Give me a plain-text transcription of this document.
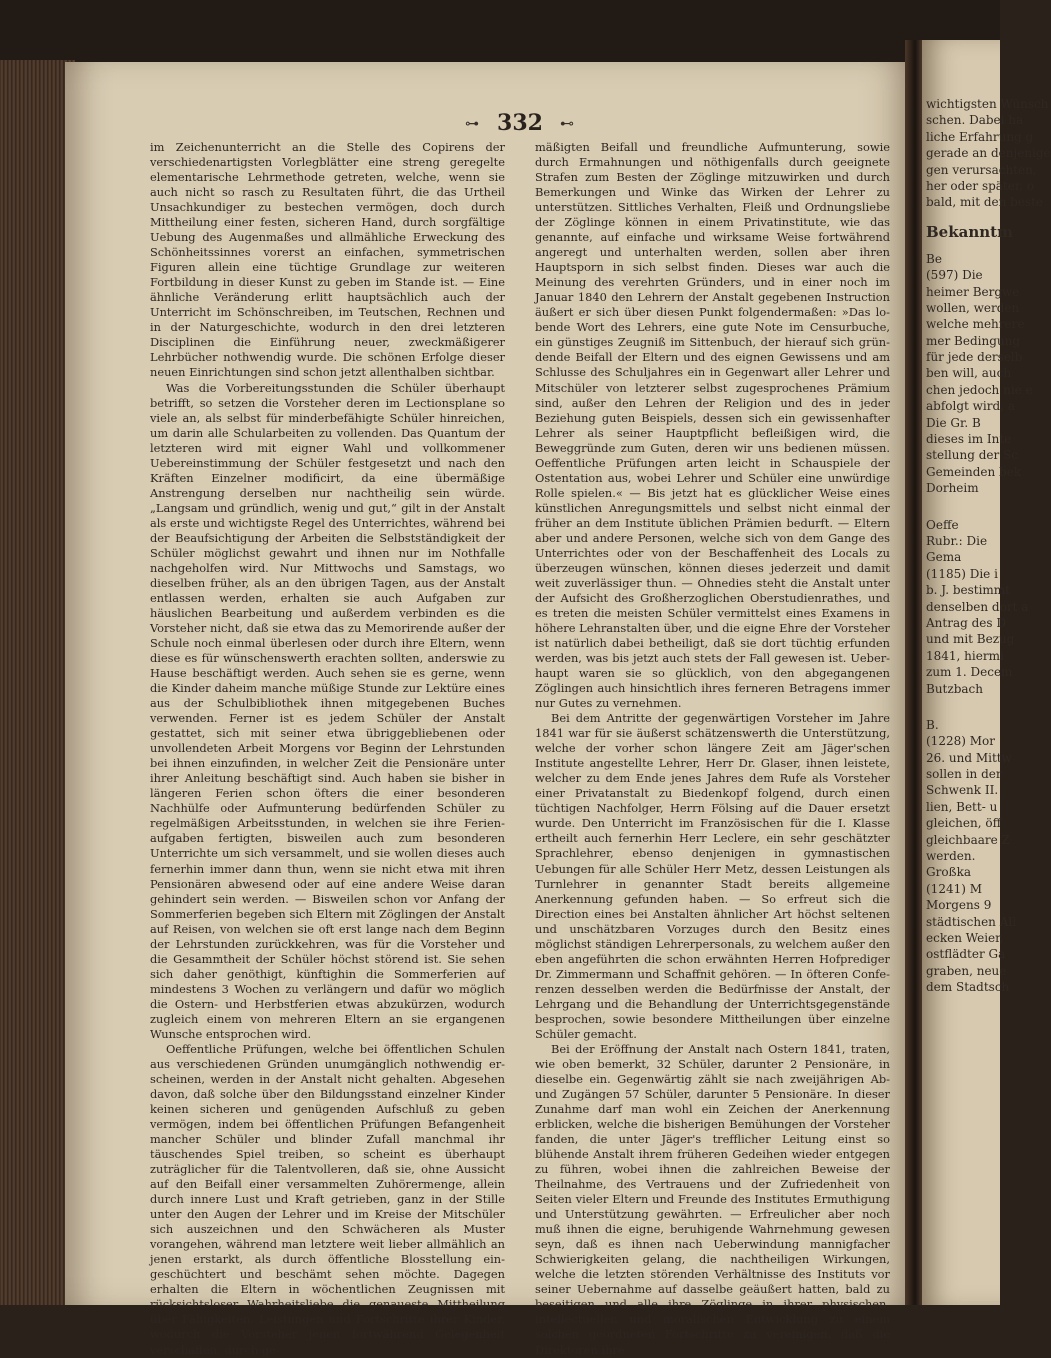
⊶ 332 ⊷

im Zeichenunterricht an die Stelle des Copirens der verschiedenartigsten Vorlegblätter eine streng geregelte elementarische Lehrmethode getreten, welche, wenn sie auch nicht so rasch zu Resultaten führt, die das Urtheil Unsachkundiger zu bestechen vermögen, doch durch Mittheilung einer festen, sicheren Hand, durch sorgfältige Uebung des Augenmaßes und allmähliche Erweckung des Schönheitssinnes vorerst an einfachen, symmetrischen Figuren allein eine tüchtige Grundlage zur weiteren Fortbildung in dieser Kunst zu geben im Stande ist. — Eine ähnliche Veränderung erlitt hauptsächlich auch der Unterricht im Schönschreiben, im Teutschen, Rechnen und in der Naturgeschichte, wodurch in den drei letzteren Disciplinen die Einführung neuer, zweckmäßigerer Lehrbücher nothwendig wurde. Die schönen Erfolge dieser neuen Einrichtungen sind schon jetzt allenthalben sichtbar.

Was die Vorbereitungsstunden die Schüler überhaupt betrifft, so setzen die Vorsteher deren im Lectionsplane so viele an, als selbst für minderbefähigte Schüler hinreichen, um darin alle Schularbeiten zu vollenden. Das Quantum der letzteren wird mit eigner Wahl und vollkommener Uebereinstimmung der Schüler festgesetzt und nach den Kräften Einzelner modificirt, da eine übermäßige Anstrengung derselben nur nachtheilig sein würde. „Langsam und gründlich, wenig und gut,“ gilt in der Anstalt als erste und wichtigste Regel des Unterrichtes, während bei der Beaufsichtigung der Arbeiten die Selbstständigkeit der Schüler möglichst gewahrt und ihnen nur im Nothfalle nachgeholfen wird. Nur Mittwochs und Samstags, wo dieselben früher, als an den übrigen Tagen, aus der Anstalt entlassen werden, erhalten sie auch Aufgaben zur häuslichen Bearbeitung und außerdem verbinden es die Vorsteher nicht, daß sie etwa das zu Memorirende außer der Schule noch einmal überlesen oder durch ihre Eltern, wenn diese es für wünschenswerth erachten sollten, anderswie zu Hause beschäftigt werden. Auch sehen sie es gerne, wenn die Kinder daheim manche müßige Stunde zur Lektüre eines aus der Schulbibliothek ihnen mitgegebenen Buches verwenden. Ferner ist es jedem Schüler der Anstalt gestattet, sich mit seiner etwa übriggebliebenen oder unvollendeten Arbeit Morgens vor Beginn der Lehrstunden bei ihnen einzufinden, in welcher Zeit die Pensionäre unter ihrer Anleitung beschäftigt sind. Auch haben sie bisher in längeren Ferien schon öfters die einer besonderen Nachhülfe oder Aufmunterung bedürfenden Schüler zu regelmäßigen Arbeitsstunden, in welchen sie ihre Ferienaufgaben fertigten, bisweilen auch zum besonderen Unterrichte um sich versammelt, und sie wollen dieses auch fernerhin immer dann thun, wenn sie nicht etwa mit ihren Pensionären abwesend oder auf eine andere Weise daran gehindert sein werden. — Bisweilen schon vor Anfang der Sommerferien begeben sich Eltern mit Zöglingen der Anstalt auf Reisen, von welchen sie oft erst lange nach dem Beginn der Lehrstunden zurückkehren, was für die Vorsteher und die Gesammtheit der Schüler höchst störend ist. Sie sehen sich daher genöthigt, künftighin die Sommerferien auf mindestens 3 Wochen zu verlängern und dafür wo möglich die Ostern- und Herbstferien etwas abzukürzen, wodurch zugleich einem von mehreren Eltern an sie ergangenen Wunsche entsprochen wird.

Oeffentliche Prüfungen, welche bei öffentlichen Schulen aus verschiedenen Gründen unumgänglich nothwendig erscheinen, werden in der Anstalt nicht gehalten. Abgesehen davon, daß solche über den Bildungsstand einzelner Kinder keinen sicheren und genügenden Aufschluß zu geben vermögen, indem bei öffentlichen Prüfungen Befangenheit mancher Schüler und blinder Zufall manchmal ihr täuschendes Spiel treiben, so scheint es überhaupt zuträglicher für die Talentvolleren, daß sie, ohne Aussicht auf den Beifall einer versammelten Zuhörermenge, allein durch innere Lust und Kraft getrieben, ganz in der Stille unter den Augen der Lehrer und im Kreise der Mitschüler sich auszeichnen und den Schwächeren als Muster vorangehen, während man letztere weit lieber allmählich an jenen erstarkt, als durch öffentliche Blosstellung eingeschüchtert und beschämt sehen möchte. Dagegen erhalten die Eltern in wöchentlichen Zeugnissen mit rücksichtsloser Wahrheitsliebe die genaueste Mittheilung über Fähigkeiten, Leistungen und Fortschritte ihrer Kinder, wodurch die Vorsteher jenen fortwährend Gelegenheit verschaffen, durch ge-

mäßigten Beifall und freundliche Aufmunterung, sowie durch Ermahnungen und nöthigenfalls durch geeignete Strafen zum Besten der Zöglinge mitzuwirken und durch Bemerkungen und Winke das Wirken der Lehrer zu unterstützen. Sittliches Verhalten, Fleiß und Ordnungsliebe der Zöglinge können in einem Privatinstitute, wie das genannte, auf einfache und wirksame Weise fortwährend angeregt und unterhalten werden, sollen aber ihren Hauptsporn in sich selbst finden. Dieses war auch die Meinung des verehrten Gründers, und in einer noch im Januar 1840 den Lehrern der Anstalt gegebenen Instruction äußert er sich über diesen Punkt folgendermaßen: »Das lobende Wort des Lehrers, eine gute Note im Censurbuche, ein günstiges Zeugniß im Sittenbuch, der hierauf sich gründende Beifall der Eltern und des eignen Gewissens und am Schlusse des Schuljahres ein in Gegenwart aller Lehrer und Mitschüler von letzterer selbst zugesprochenes Prämium sind, außer den Lehren der Religion und des in jeder Beziehung guten Beispiels, dessen sich ein gewissenhafter Lehrer als seiner Hauptpflicht befleißigen wird, die Beweggründe zum Guten, deren wir uns bedienen müssen. Oeffentliche Prüfungen arten leicht in Schauspiele der Ostentation aus, wobei Lehrer und Schüler eine unwürdige Rolle spielen.« — Bis jetzt hat es glücklicher Weise eines künstlichen Anregungsmittels und selbst nicht einmal der früher an dem Institute üblichen Prämien bedurft. — Eltern aber und andere Personen, welche sich von dem Gange des Unterrichtes oder von der Beschaffenheit des Locals zu überzeugen wünschen, können dieses jederzeit und damit weit zuverlässiger thun. — Ohnedies steht die Anstalt unter der Aufsicht des Großherzoglichen Oberstudienrathes, und es treten die meisten Schüler vermittelst eines Examens in höhere Lehranstalten über, und die eigne Ehre der Vorsteher ist natürlich dabei betheiligt, daß sie dort tüchtig erfunden werden, was bis jetzt auch stets der Fall gewesen ist. Ueberhaupt waren sie so glücklich, von den abgegangenen Zöglingen auch hinsichtlich ihres ferneren Betragens immer nur Gutes zu vernehmen.

Bei dem Antritte der gegenwärtigen Vorsteher im Jahre 1841 war für sie äußerst schätzenswerth die Unterstützung, welche der vorher schon längere Zeit am Jäger'schen Institute angestellte Lehrer, Herr Dr. Glaser, ihnen leistete, welcher zu dem Ende jenes Jahres dem Rufe als Vorsteher einer Privatanstalt zu Biedenkopf folgend, durch einen tüchtigen Nachfolger, Herrn Fölsing auf die Dauer ersetzt wurde. Den Unterricht im Französischen für die I. Klasse ertheilt auch fernerhin Herr Leclere, ein sehr geschätzter Sprachlehrer, ebenso denjenigen in gymnastischen Uebungen für alle Schüler Herr Metz, dessen Leistungen als Turnlehrer in genannter Stadt bereits allgemeine Anerkennung gefunden haben. — So erfreut sich die Direction eines bei Anstalten ähnlicher Art höchst seltenen und unschätzbaren Vorzuges durch den Besitz eines möglichst ständigen Lehrerpersonals, zu welchem außer den eben angeführten die schon erwähnten Herren Hofprediger Dr. Zimmermann und Schaffnit gehören. — In öfteren Conferenzen desselben werden die Bedürfnisse der Anstalt, der Lehrgang und die Behandlung der Unterrichtsgegenstände besprochen, sowie besondere Mittheilungen über einzelne Schüler gemacht.

Bei der Eröffnung der Anstalt nach Ostern 1841, traten, wie oben bemerkt, 32 Schüler, darunter 2 Pensionäre, in dieselbe ein. Gegenwärtig zählt sie nach zweijährigen Ab- und Zugängen 57 Schüler, darunter 5 Pensionäre. In dieser Zunahme darf man wohl ein Zeichen der Anerkennung erblicken, welche die bisherigen Bemühungen der Vorsteher fanden, die unter Jäger's trefflicher Leitung einst so blühende Anstalt ihrem früheren Gedeihen wieder entgegen zu führen, wobei ihnen die zahlreichen Beweise der Theilnahme, des Vertrauens und der Zufriedenheit von Seiten vieler Eltern und Freunde des Institutes Ermuthigung und Unterstützung gewährten. — Erfreulicher aber noch muß ihnen die eigne, beruhigende Wahrnehmung gewesen seyn, daß es ihnen nach Ueberwindung mannigfacher Schwierigkeiten gelang, die nachtheiligen Wirkungen, welche die letzten störenden Verhältnisse des Instituts vor seiner Uebernahme auf dasselbe geäußert hatten, bald zu beseitigen und alle ihre Zöglinge in ihrer physischen, intellectuellen und moralischen Entwicklung zu einem solchen geordneten Fortschritte zu vereinigen, daß die Direktoren ihre

wichtigsten Wünsch
schen. Dabei ha
liche Erfahrung g
gerade an denjenige
gen verursachten,
her oder später, o
bald, mit den beste
Bekanntm
Be
(597) Die
heimer Bergwe
wollen, werden
welche mehrere
mer Bedingung
für jede derselb
ben will, auch
chen jedoch nie e
abfolgt wird, a
Die Gr. B
dieses im Inte
stellung der Sc
Gemeinden bek
Dorheim
Oeffe
Rubr.: Die
Gema
(1185) Die i
b. J. bestimmt
denselben dort a
Antrag des D
und mit Bezug
1841, hiermi
zum 1. Decem
Butzbach
B.
(1228) Mor
26. und Mittw
sollen in der
Schwenk II.
lien, Bett- u
gleichen, öff
gleichbaare Z
werden.
Großka
(1241) M
Morgens 9
städtischen All
ecken Weier,
ostflädter Ga
graben, neue
dem Stadtsch
